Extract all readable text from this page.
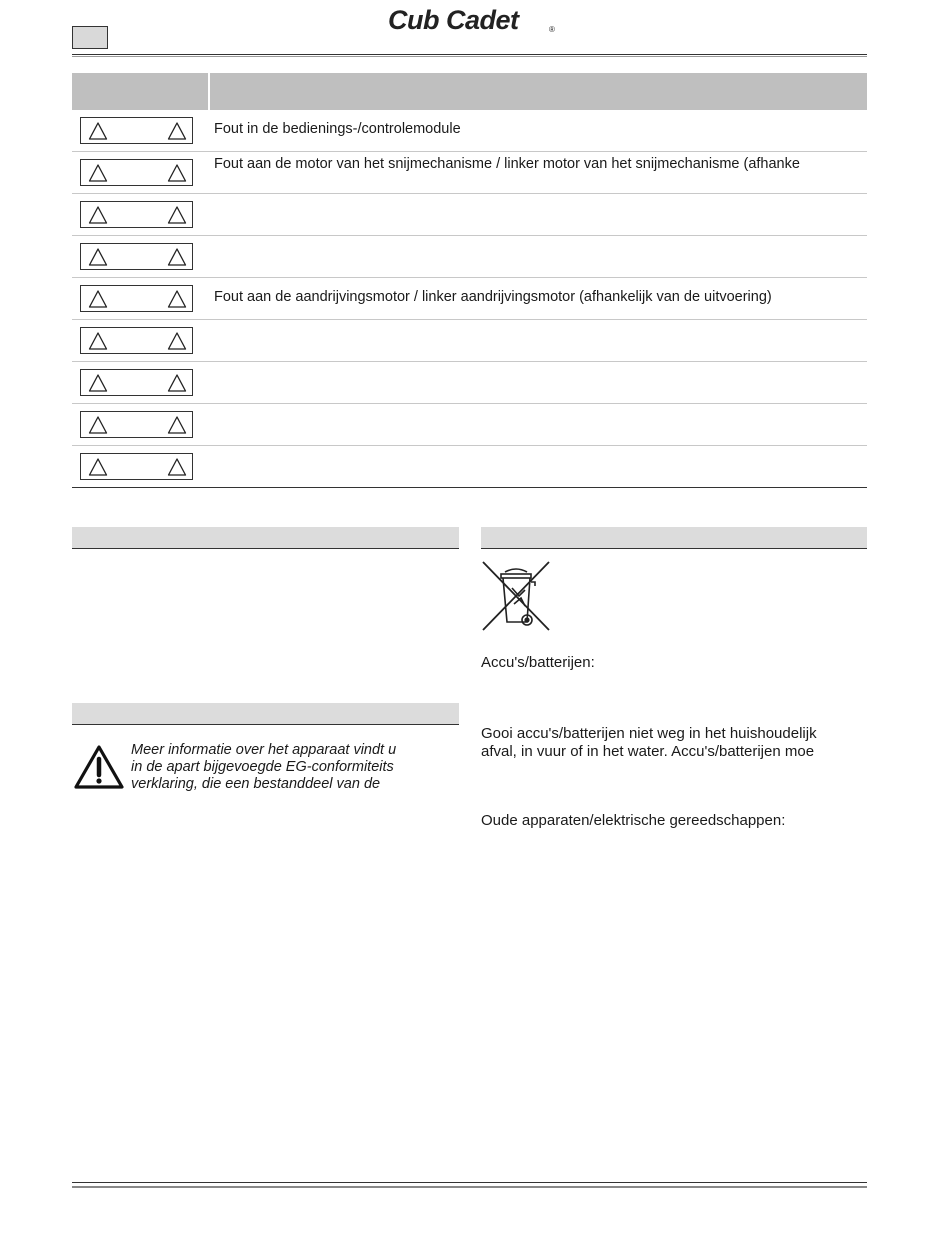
Cub Cadet	®
Fout in de bedienings-/controlemodule
Fout aan de motor van het snijmechanisme / linker motor van het snijmechanisme (afhanke
Fout aan de aandrijvingsmotor / linker aandrijvingsmotor (afhankelijk van de uitvoering)
Meer informatie over het apparaat vindt u
in de apart bijgevoegde EG-conformiteits
verklaring, die een bestanddeel van de
Accu's/batterijen:
Gooi accu's/batterijen niet weg in het huishoudelijk
afval, in vuur of in het water. Accu's/batterijen moe
Oude apparaten/elektrische gereedschappen:
